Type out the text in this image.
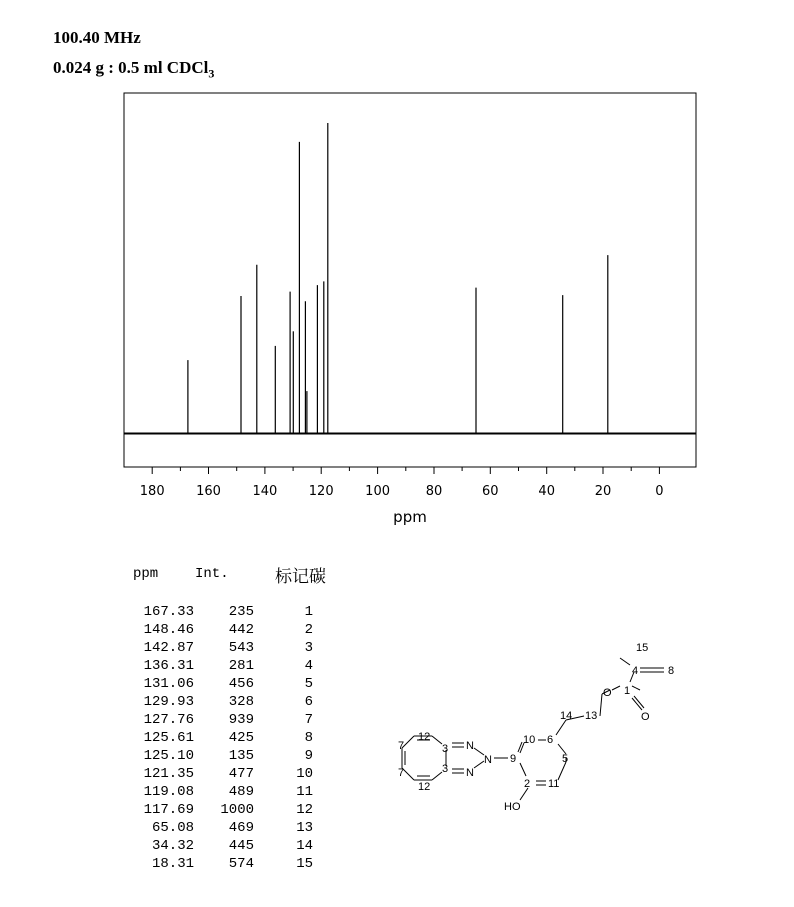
100.40 MHz
0.024 g : 0.5 ml CDCl$_3$
180 160 140 120 100	80	60	40	20	0
ppm
ppm	Int.	标记碳
167.33	235	1
148.46	442	2
142.87	543	3
136.31	281	4
131.06	456	5
129.93	328	6
127.76	939	7
125.61	425	8
125.10	135	9
121.35	477	10
119.08	489	11
117.69	1000	12
65.08	469	13
34.32	445	14
18.31	574	15
15
4	8
O 1
O
14 13
10 6
9	5
2 11
HO
12
3 N
N
12
3 N
7
7
